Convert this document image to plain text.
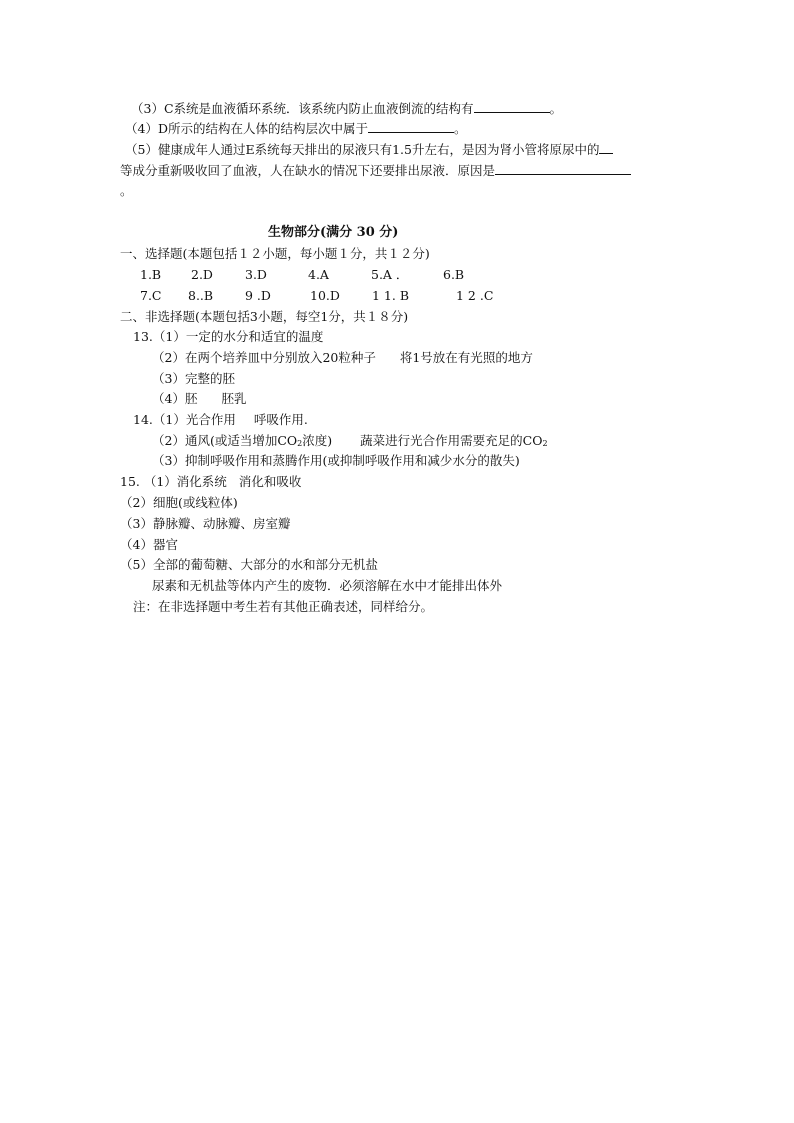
（3）C系统是血液循环系统．该系统内防止血液倒流的结构有	。
（4）D所示的结构在人体的结构层次中属于	。
（5）健康成年人通过E系统每天排出的尿液只有1.5升左右，是因为肾小管将原尿中的
等成分重新吸收回了血液，人在缺水的情况下还要排出尿液．原因是
。
生物部分(满分 30 分)
一、选择题(本题包括１２小题，每小题１分，共１２分)
1.B 2.D	3.D	4.A	5.A ．	6.B
7.C 8..B	9 .D	10.D	1 1. B	1 2 .C
二、非选择题(本题包括3小题，每空1分，共１８分)
13.（1）一定的水分和适宜的温度
（2）在两个培养皿中分别放入20粒种子 将1号放在有光照的地方
（3）完整的胚
（4）胚 胚乳
14.（1）光合作用 呼吸作用.
（2）通风(或适当增加CO2浓度) 蔬菜进行光合作用需要充足的CO2
（3）抑制呼吸作用和蒸腾作用(或抑制呼吸作用和减少水分的散失)
15. （1）消化系统 消化和吸收
（2）细胞(或线粒体)
（3）静脉瓣、动脉瓣、房室瓣
（4）器官
（5）全部的葡萄糖、大部分的水和部分无机盐
尿素和无机盐等体内产生的废物．必须溶解在水中才能排出体外
注：在非选择题中考生若有其他正确表述，同样给分。
